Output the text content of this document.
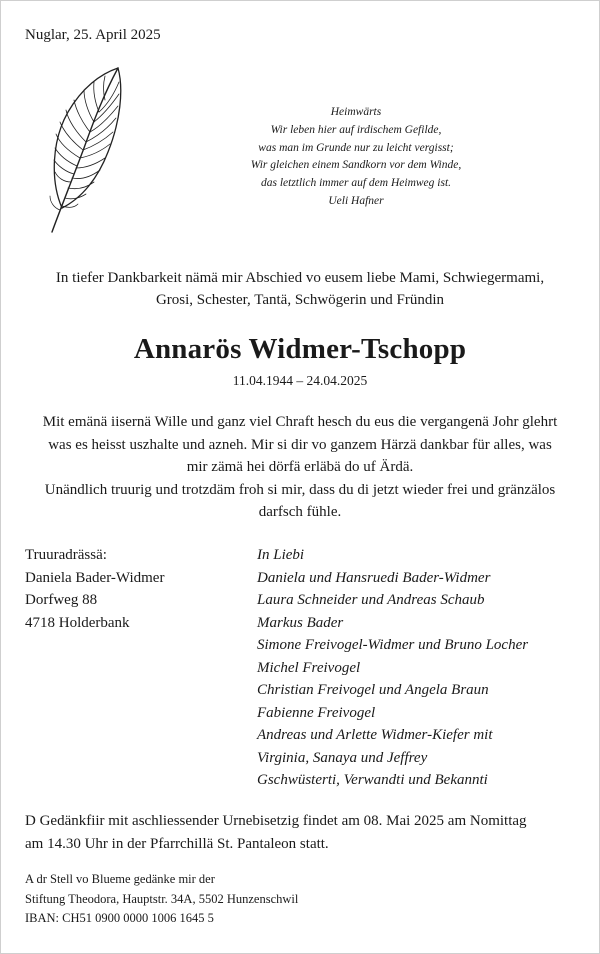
Nuglar, 25. April 2025
Heimwärts
Wir leben hier auf irdischem Gefilde,
was man im Grunde nur zu leicht vergisst;
Wir gleichen einem Sandkorn vor dem Winde,
das letztlich immer auf dem Heimweg ist.
Ueli Hafner
In tiefer Dankbarkeit nämä mir Abschied vo eusem liebe Mami, Schwiegermami,
Grosi, Schester, Tantä, Schwögerin und Fründin
Annarös Widmer-Tschopp
11.04.1944 – 24.04.2025
Mit emänä iisernä Wille und ganz viel Chraft hesch du eus die vergangenä Johr glehrt
was es heisst uszhalte und azneh. Mir si dir vo ganzem Härzä dankbar für alles, was
mir zämä hei dörfä erläbä do uf Ärdä.
Unändlich truurig und trotzdäm froh si mir, dass du di jetzt wieder frei und gränzälos
darfsch fühle.
Truuradrässä:
Daniela Bader-Widmer
Dorfweg 88
4718 Holderbank
In Liebi
Daniela und Hansruedi Bader-Widmer
Laura Schneider und Andreas Schaub
Markus Bader
Simone Freivogel-Widmer und Bruno Locher
Michel Freivogel
Christian Freivogel und Angela Braun
Fabienne Freivogel
Andreas und Arlette Widmer-Kiefer mit
Virginia, Sanaya und Jeffrey
Gschwüsterti, Verwandti und Bekannti
D Gedänkfiir mit aschliessender Urnebisetzig findet am 08. Mai 2025 am Nomittag
am 14.30 Uhr in der Pfarrchillä St. Pantaleon statt.
A dr Stell vo Blueme gedänke mir der
Stiftung Theodora, Hauptstr. 34A, 5502 Hunzenschwil
IBAN: CH51 0900 0000 1006 1645 5
